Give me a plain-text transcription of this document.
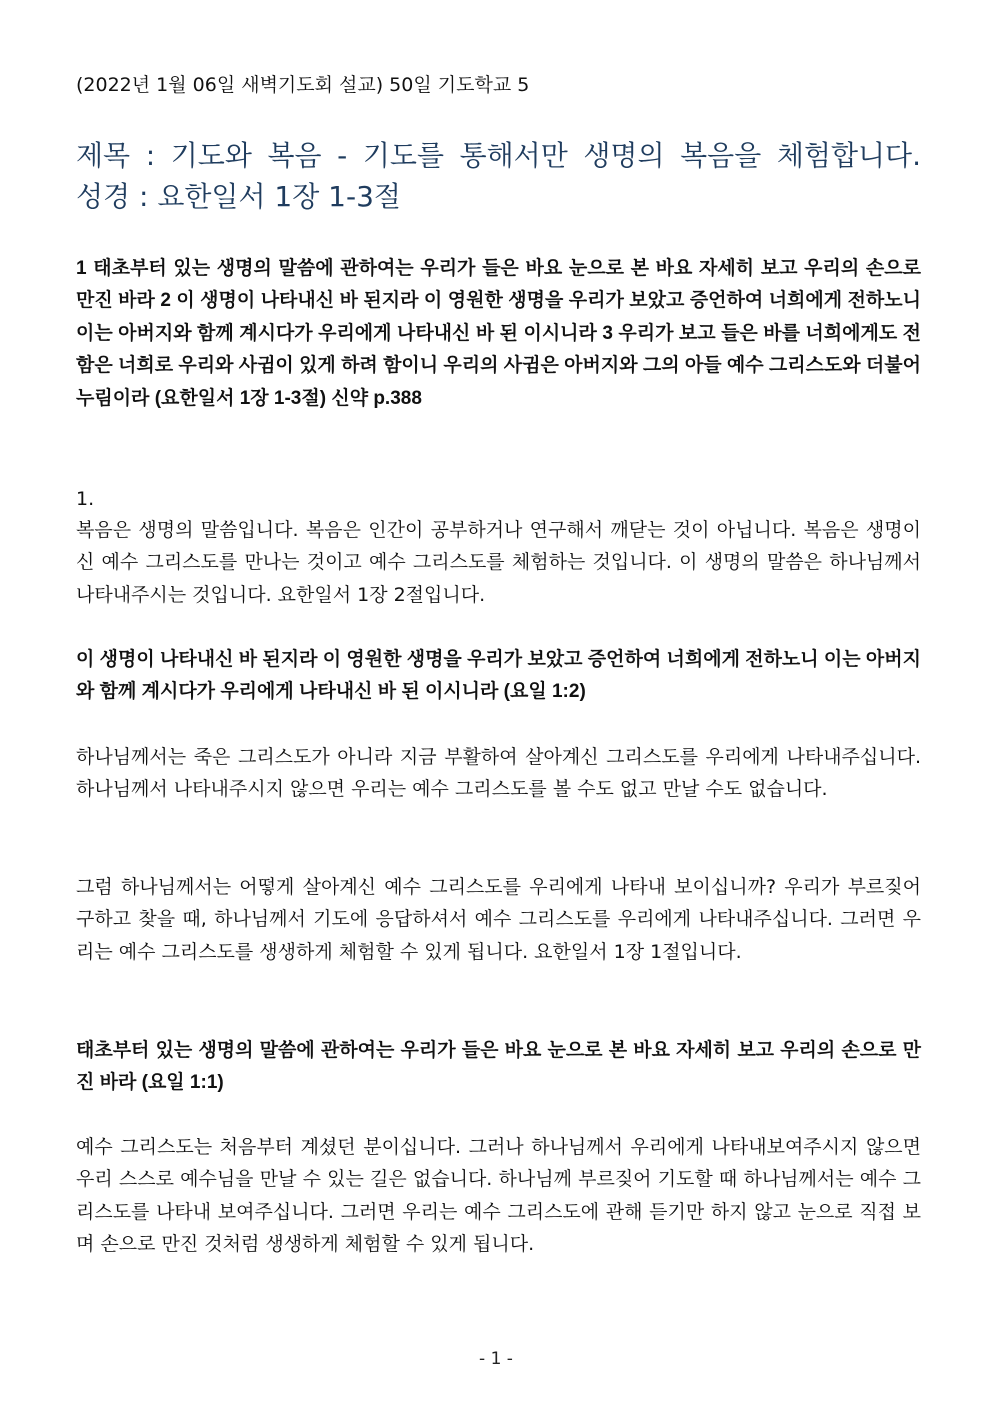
(2022년 1월 06일 새벽기도회 설교) 50일 기도학교 5
제목 : 기도와 복음 - 기도를 통해서만 생명의 복음을 체험합니다.
성경 : 요한일서 1장 1-3절
1 태초부터 있는 생명의 말씀에 관하여는 우리가 들은 바요 눈으로 본 바요 자세히 보고 우리의 손으로 만진 바라 2 이 생명이 나타내신 바 된지라 이 영원한 생명을 우리가 보았고 증언하여 너희에게 전하노니 이는 아버지와 함께 계시다가 우리에게 나타내신 바 된 이시니라 3 우리가 보고 들은 바를 너희에게도 전함은 너희로 우리와 사귐이 있게 하려 함이니 우리의 사귐은 아버지와 그의 아들 예수 그리스도와 더불어 누림이라 (요한일서 1장 1-3절) 신약 p.388
1.
복음은 생명의 말씀입니다. 복음은 인간이 공부하거나 연구해서 깨닫는 것이 아닙니다. 복음은 생명이신 예수 그리스도를 만나는 것이고 예수 그리스도를 체험하는 것입니다. 이 생명의 말씀은 하나님께서 나타내주시는 것입니다. 요한일서 1장 2절입니다.
이 생명이 나타내신 바 된지라 이 영원한 생명을 우리가 보았고 증언하여 너희에게 전하노니 이는 아버지와 함께 계시다가 우리에게 나타내신 바 된 이시니라 (요일 1:2)
하나님께서는 죽은 그리스도가 아니라 지금 부활하여 살아계신 그리스도를 우리에게 나타내주십니다. 하나님께서 나타내주시지 않으면 우리는 예수 그리스도를 볼 수도 없고 만날 수도 없습니다.
그럼 하나님께서는 어떻게 살아계신 예수 그리스도를 우리에게 나타내 보이십니까? 우리가 부르짖어 구하고 찾을 때, 하나님께서 기도에 응답하셔서 예수 그리스도를 우리에게 나타내주십니다. 그러면 우리는 예수 그리스도를 생생하게 체험할 수 있게 됩니다. 요한일서 1장 1절입니다.
태초부터 있는 생명의 말씀에 관하여는 우리가 들은 바요 눈으로 본 바요 자세히 보고 우리의 손으로 만진 바라 (요일 1:1)
예수 그리스도는 처음부터 계셨던 분이십니다. 그러나 하나님께서 우리에게 나타내보여주시지 않으면 우리 스스로 예수님을 만날 수 있는 길은 없습니다. 하나님께 부르짖어 기도할 때 하나님께서는 예수 그리스도를 나타내 보여주십니다. 그러면 우리는 예수 그리스도에 관해 듣기만 하지 않고 눈으로 직접 보며 손으로 만진 것처럼 생생하게 체험할 수 있게 됩니다.
- 1 -
